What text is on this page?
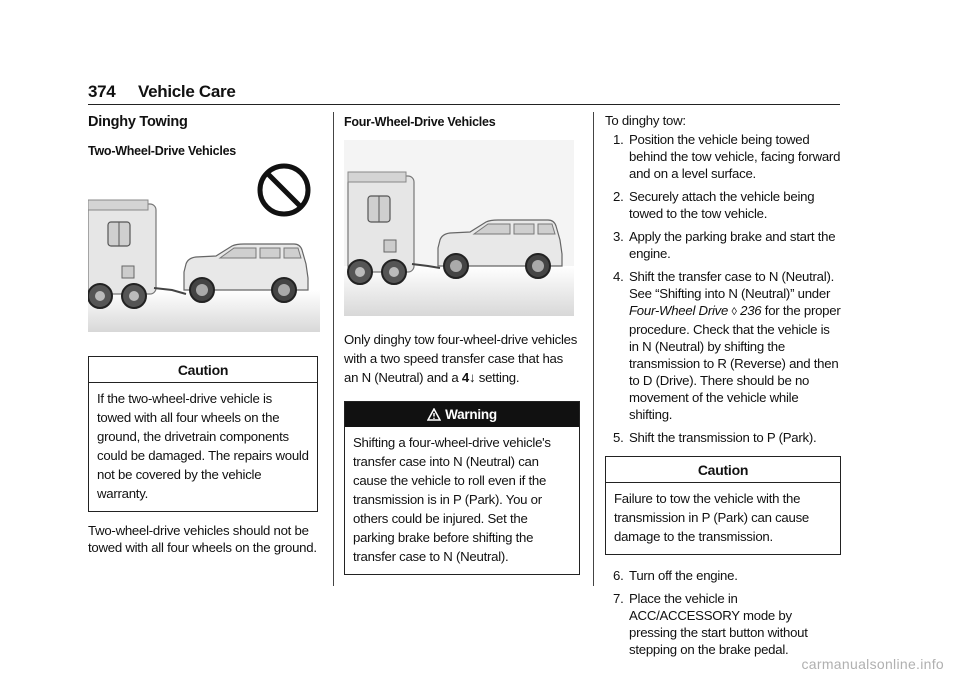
374 Vehicle Care
Dinghy Towing
Two-Wheel-Drive Vehicles
Caution
If the two-wheel-drive vehicle is towed with all four wheels on the ground, the drivetrain components could be damaged. The repairs would not be covered by the vehicle warranty.

Two-wheel-drive vehicles should not be towed with all four wheels on the ground.

Four-Wheel-Drive Vehicles

Only dinghy tow four-wheel-drive vehicles with a two speed transfer case that has an N (Neutral) and a 4↓ setting.

Warning
Shifting a four-wheel-drive vehicle's transfer case into N (Neutral) can cause the vehicle to roll even if the transmission is in P (Park). You or others could be injured. Set the parking brake before shifting the transfer case to N (Neutral).

To dinghy tow:

1. Position the vehicle being towed behind the tow vehicle, facing forward and on a level surface.
2. Securely attach the vehicle being towed to the tow vehicle.
3. Apply the parking brake and start the engine.
4. Shift the transfer case to N (Neutral). See “Shifting into N (Neutral)” under Four-Wheel Drive ◊ 236 for the proper procedure. Check that the vehicle is in N (Neutral) by shifting the transmission to R (Reverse) and then to D (Drive). There should be no movement of the vehicle while shifting.
5. Shift the transmission to P (Park).
Caution
Failure to tow the vehicle with the transmission in P (Park) can cause damage to the transmission.
6. Turn off the engine.
7. Place the vehicle in ACC/ACCESSORY mode by pressing the start button without stepping on the brake pedal.
carmanualsonline.info
